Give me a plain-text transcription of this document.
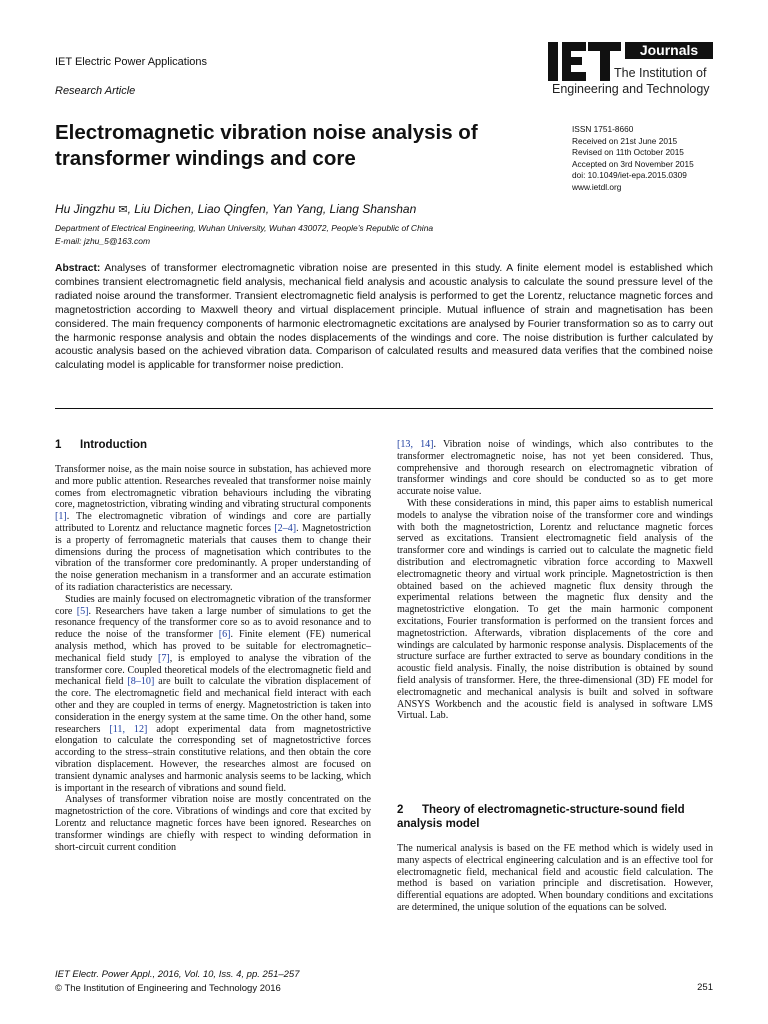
IET Electric Power Applications
Research Article
Journals
The Institution of
Engineering and Technology
Electromagnetic vibration noise analysis of transformer windings and core
ISSN 1751-8660
Received on 21st June 2015
Revised on 11th October 2015
Accepted on 3rd November 2015
doi: 10.1049/iet-epa.2015.0309
www.ietdl.org
Hu Jingzhu ✉, Liu Dichen, Liao Qingfen, Yan Yang, Liang Shanshan
Department of Electrical Engineering, Wuhan University, Wuhan 430072, People’s Republic of China
E-mail: jzhu_5@163.com
Abstract: Analyses of transformer electromagnetic vibration noise are presented in this study. A finite element model is established which combines transient electromagnetic field analysis, mechanical field analysis and acoustic analysis to calculate the sound pressure level of the radiated noise around the transformer. Transient electromagnetic field analysis is performed to get the Lorentz, reluctance magnetic forces and magnetostriction according to Maxwell theory and virtual displacement principle. Mutual influence of strain and magnetisation has been considered. The main frequency components of harmonic electromagnetic excitations are analysed by Fourier transformation so as to carry out the harmonic response analysis and obtain the nodes displacements of the windings and core. The noise distribution is further calculated by acoustic analysis based on the achieved vibration data. Comparison of calculated results and measured data verifies that the combined noise calculating model is applicable for transformer noise prediction.
1 Introduction

Transformer noise, as the main noise source in substation, has achieved more and more public attention. Researches revealed that transformer noise mainly comes from electromagnetic vibration behaviours including the vibrating core, magnetostriction, vibrating winding and vibrating structural components [1]. The electromagnetic vibration of windings and core are partially attributed to Lorentz and reluctance magnetic forces [2–4]. Magnetostriction is a property of ferromagnetic materials that causes them to change their dimensions during the process of magnetisation which contributes to the vibration of the transformer core predominantly. A proper understanding of the noise generation mechanism in a transformer and an accurate estimation of its radiation characteristics are necessary.

Studies are mainly focused on electromagnetic vibration of the transformer core [5]. Researchers have taken a large number of simulations to get the resonance frequency of the transformer core so as to avoid resonance and to reduce the noise of the transformer [6]. Finite element (FE) numerical analysis method, which has proved to be suitable for electromagnetic–mechanical field study [7], is employed to analyse the vibration of the transformer core. Coupled theoretical models of the electromagnetic field and mechanical field [8–10] are built to calculate the vibration displacement of the core. The electromagnetic field and mechanical field interact with each other and they are coupled in terms of energy. Magnetostriction is taken into consideration in the energy system at the same time. On the other hand, some researchers [11, 12] adopt experimental data from magnetostrictive elongation to calculate the corresponding set of magnetostrictive forces according to the stress–strain constitutive relations, and then obtain the core vibration displacement. However, the researches almost are focused on transient dynamic analyses and harmonic analysis seems to be lacking, which is important in the research of vibrations and sound field.

Analyses of transformer vibration noise are mostly concentrated on the magnetostriction of the core. Vibrations of windings and core that excited by Lorentz and reluctance magnetic forces have been ignored. Researches on transformer windings are chiefly with respect to winding deformation in short-circuit current condition

[13, 14]. Vibration noise of windings, which also contributes to the transformer electromagnetic noise, has not yet been considered. Thus, comprehensive and thorough research on electromagnetic vibration of transformer windings and core should be conducted so as to get more accurate noise value.

With these considerations in mind, this paper aims to establish numerical models to analyse the vibration noise of the transformer core and windings with both the magnetostriction, Lorentz and reluctance magnetic forces served as excitations. Transient electromagnetic field analysis of the transformer core and windings is carried out to calculate the magnetic field distribution and electromagnetic vibration force according to Maxwell electromagnetic theory and virtual work principle. Magnetostriction is then obtained based on the achieved magnetic flux density through the experimental relations between the magnetic flux density and the magnetostrictive elongation. To get the main harmonic component excitations, Fourier transformation is performed on the transient forces and magnetostriction. Afterwards, vibration displacements of the core and windings are calculated by harmonic response analysis. Displacements of the structure surface are further extracted to serve as boundary conditions in the acoustic field analysis. Finally, the noise distribution is obtained by sound field analysis of transformer. Here, the three-dimensional (3D) FE model for electromagnetic and mechanical analysis is built and solved in software ANSYS Workbench and the acoustic field is analysed in software LMS Virtual. Lab.

2 Theory of electromagnetic-structure-sound field analysis model

The numerical analysis is based on the FE method which is widely used in many aspects of electrical engineering calculation and is an effective tool for electromagnetic field, mechanical field and acoustic field calculation. The method is based on variation principle and discretisation. However, differential equations are adopted. When boundary conditions and excitations are determined, the unique solution of the equations can be solved.

IET Electr. Power Appl., 2016, Vol. 10, Iss. 4, pp. 251–257
© The Institution of Engineering and Technology 2016	251
